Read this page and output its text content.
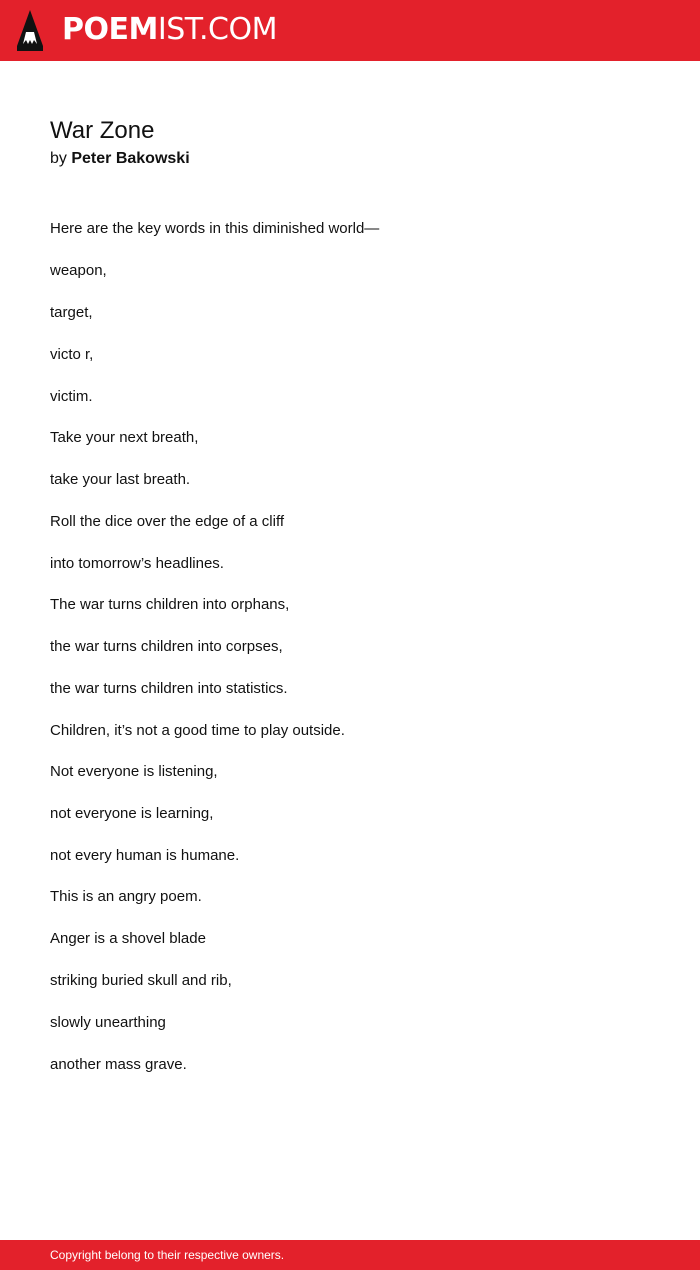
POEMIST.COM
War Zone
by Peter Bakowski
Here are the key words in this diminished world—
weapon,
target,
victo r,
victim.
Take your next breath,
take your last breath.
Roll the dice over the edge of a cliff
into tomorrow’s headlines.
The war turns children into orphans,
the war turns children into corpses,
the war turns children into statistics.
Children, it’s not a good time to play outside.
Not everyone is listening,
not everyone is learning,
not every human is humane.
This is an angry poem.
Anger is a shovel blade
striking buried skull and rib,
slowly unearthing
another mass grave.
Copyright belong to their respective owners.
